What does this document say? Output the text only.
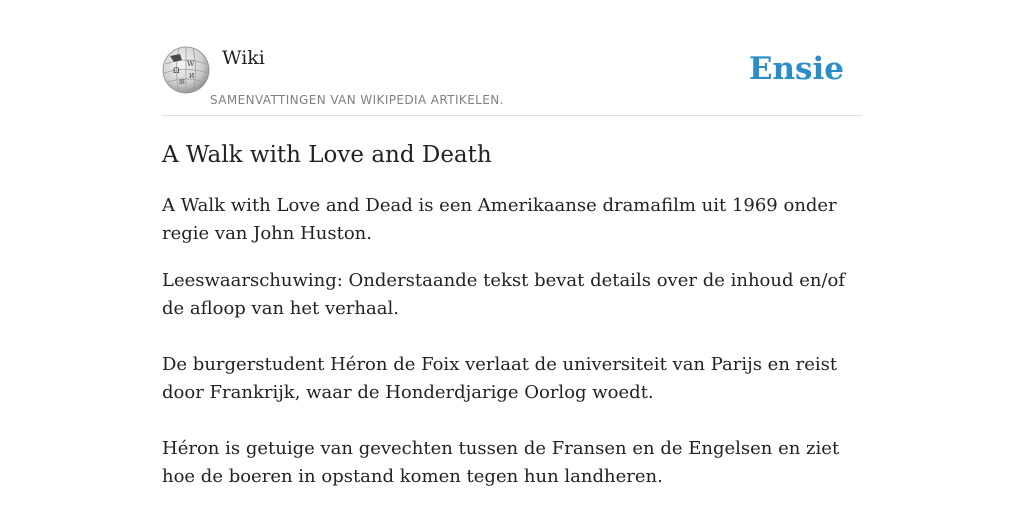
Ω
W
И
維
Wiki
SAMENVATTINGEN VAN WIKIPEDIA ARTIKELEN.
Ensie
A Walk with Love and Death

A Walk with Love and Dead is een Amerikaanse dramafilm uit 1969 onder regie van John Huston.

Leeswaarschuwing: Onderstaande tekst bevat details over de inhoud en/of de afloop van het verhaal.

De burgerstudent Héron de Foix verlaat de universiteit van Parijs en reist door Frankrijk, waar de Honderdjarige Oorlog woedt.

Héron is getuige van gevechten tussen de Fransen en de Engelsen en ziet hoe de boeren in opstand komen tegen hun landheren.
